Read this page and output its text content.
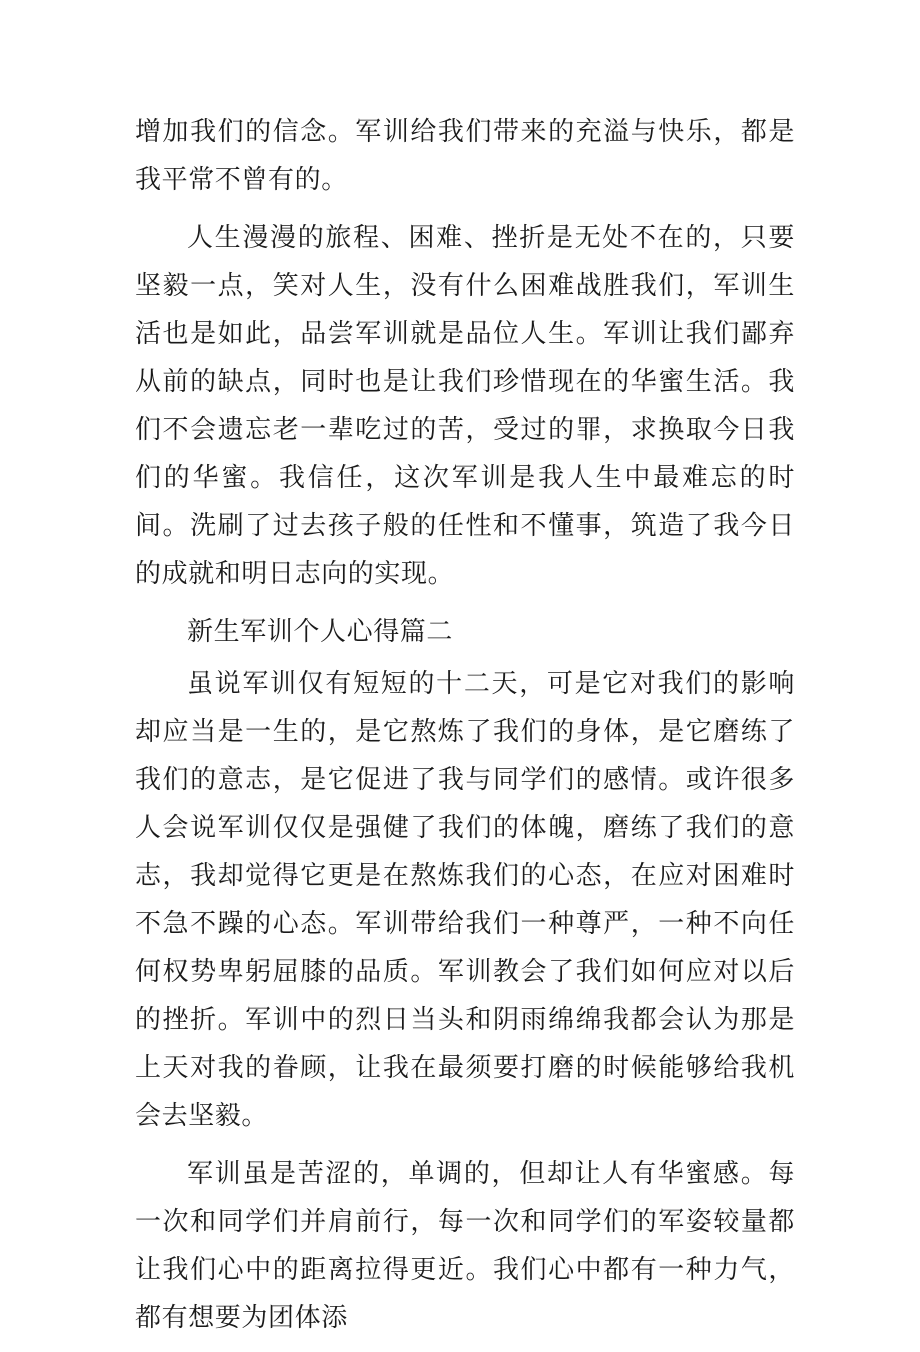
增加我们的信念。军训给我们带来的充溢与快乐，都是我平常不曾有的。

人生漫漫的旅程、困难、挫折是无处不在的，只要坚毅一点，笑对人生，没有什么困难战胜我们，军训生活也是如此，品尝军训就是品位人生。军训让我们鄙弃从前的缺点，同时也是让我们珍惜现在的华蜜生活。我们不会遗忘老一辈吃过的苦，受过的罪，求换取今日我们的华蜜。我信任，这次军训是我人生中最难忘的时间。洗刷了过去孩子般的任性和不懂事，筑造了我今日的成就和明日志向的实现。

新生军训个人心得篇二

虽说军训仅有短短的十二天，可是它对我们的影响却应当是一生的，是它熬炼了我们的身体，是它磨练了我们的意志，是它促进了我与同学们的感情。或许很多人会说军训仅仅是强健了我们的体魄，磨练了我们的意志，我却觉得它更是在熬炼我们的心态，在应对困难时不急不躁的心态。军训带给我们一种尊严，一种不向任何权势卑躬屈膝的品质。军训教会了我们如何应对以后的挫折。军训中的烈日当头和阴雨绵绵我都会认为那是上天对我的眷顾，让我在最须要打磨的时候能够给我机会去坚毅。

军训虽是苦涩的，单调的，但却让人有华蜜感。每一次和同学们并肩前行，每一次和同学们的军姿较量都让我们心中的距离拉得更近。我们心中都有一种力气，都有想要为团体添
